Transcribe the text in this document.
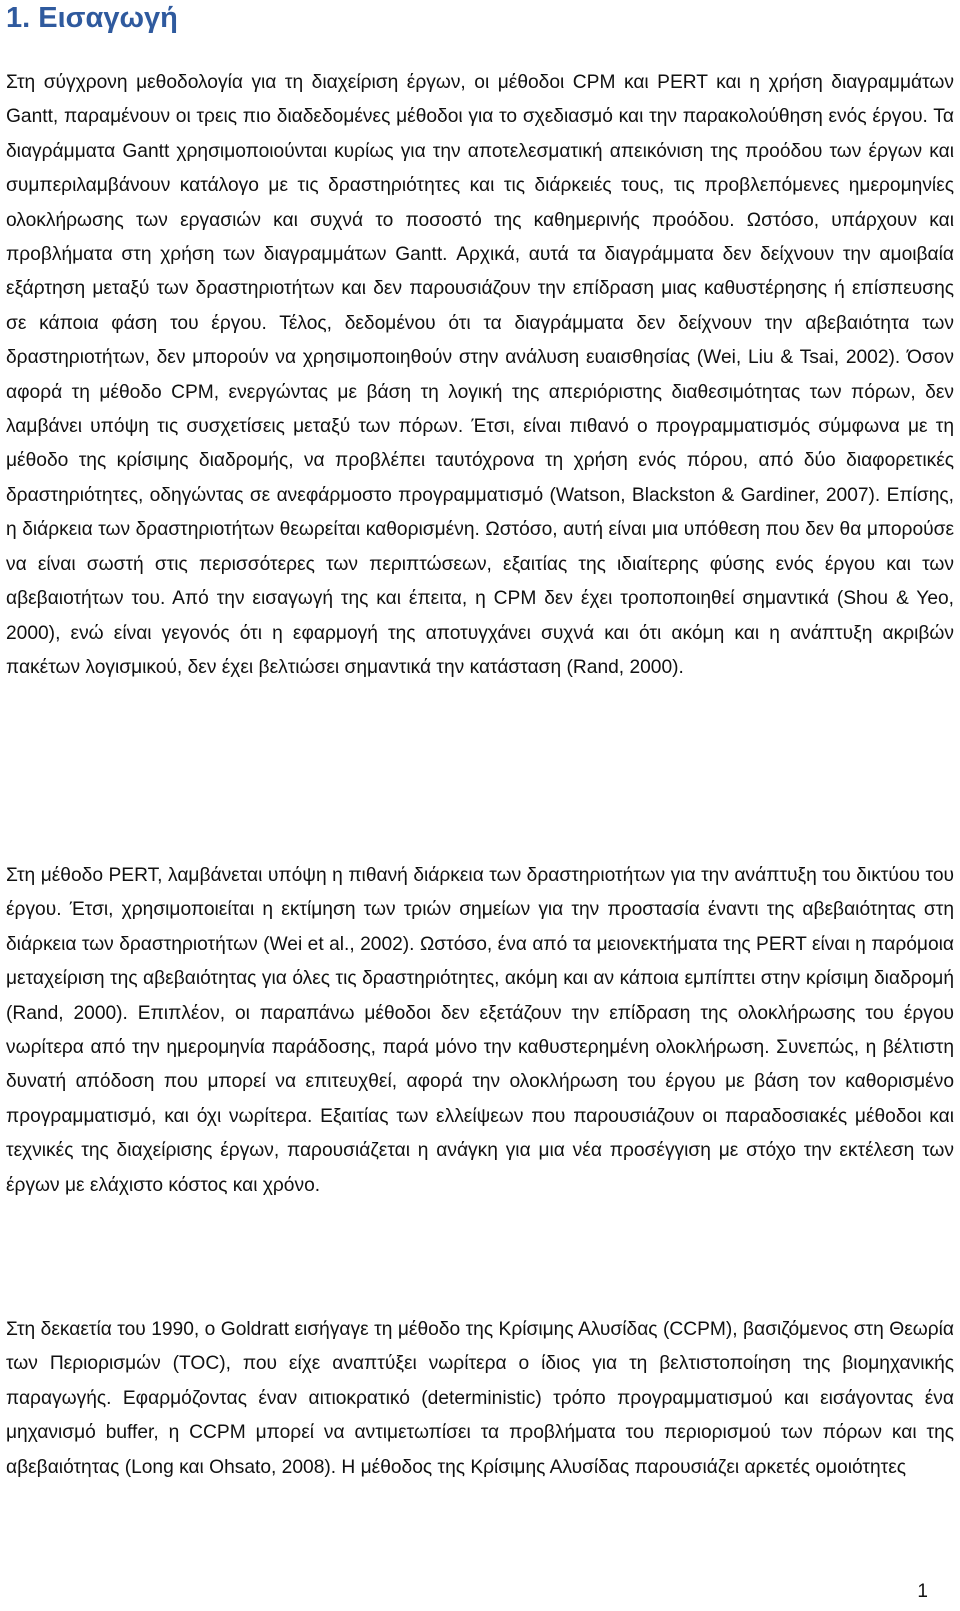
1. Εισαγωγή

Στη σύγχρονη μεθοδολογία για τη διαχείριση έργων, οι μέθοδοι CPM και PERT και η χρήση διαγραμμάτων Gantt, παραμένουν οι τρεις πιο διαδεδομένες μέθοδοι για το σχεδιασμό και την παρακολούθηση ενός έργου. Τα διαγράμματα Gantt χρησιμοποιούνται κυρίως για την αποτελεσματική απεικόνιση της προόδου των έργων και συμπεριλαμβάνουν κατάλογο με τις δραστηριότητες και τις διάρκειές τους, τις προβλεπόμενες ημερομηνίες ολοκλήρωσης των εργασιών και συχνά το ποσοστό της καθημερινής προόδου. Ωστόσο, υπάρχουν και προβλήματα στη χρήση των διαγραμμάτων Gantt. Αρχικά, αυτά τα διαγράμματα δεν δείχνουν την αμοιβαία εξάρτηση μεταξύ των δραστηριοτήτων και δεν παρουσιάζουν την επίδραση μιας καθυστέρησης ή επίσπευσης σε κάποια φάση του έργου. Τέλος, δεδομένου ότι τα διαγράμματα δεν δείχνουν την αβεβαιότητα των δραστηριοτήτων, δεν μπορούν να χρησιμοποιηθούν στην ανάλυση ευαισθησίας (Wei, Liu & Tsai, 2002). Όσον αφορά τη μέθοδο CPM, ενεργώντας με βάση τη λογική της απεριόριστης διαθεσιμότητας των πόρων, δεν λαμβάνει υπόψη τις συσχετίσεις μεταξύ των πόρων. Έτσι, είναι πιθανό ο προγραμματισμός σύμφωνα με τη μέθοδο της κρίσιμης διαδρομής, να προβλέπει ταυτόχρονα τη χρήση ενός πόρου, από δύο διαφορετικές δραστηριότητες, οδηγώντας σε ανεφάρμοστο προγραμματισμό (Watson, Blackston & Gardiner, 2007). Επίσης, η διάρκεια των δραστηριοτήτων θεωρείται καθορισμένη. Ωστόσο, αυτή είναι μια υπόθεση που δεν θα μπορούσε να είναι σωστή στις περισσότερες των περιπτώσεων, εξαιτίας της ιδιαίτερης φύσης ενός έργου και των αβεβαιοτήτων του. Από την εισαγωγή της και έπειτα, η CPM δεν έχει τροποποιηθεί σημαντικά (Shou & Yeo, 2000), ενώ είναι γεγονός ότι η εφαρμογή της αποτυγχάνει συχνά και ότι ακόμη και η ανάπτυξη ακριβών πακέτων λογισμικού, δεν έχει βελτιώσει σημαντικά την κατάσταση (Rand, 2000).

Στη μέθοδο PERT, λαμβάνεται υπόψη η πιθανή διάρκεια των δραστηριοτήτων για την ανάπτυξη του δικτύου του έργου. Έτσι, χρησιμοποιείται η εκτίμηση των τριών σημείων για την προστασία έναντι της αβεβαιότητας στη διάρκεια των δραστηριοτήτων (Wei et al., 2002). Ωστόσο, ένα από τα μειονεκτήματα της PERT είναι η παρόμοια μεταχείριση της αβεβαιότητας για όλες τις δραστηριότητες, ακόμη και αν κάποια εμπίπτει στην κρίσιμη διαδρομή (Rand, 2000). Επιπλέον, οι παραπάνω μέθοδοι δεν εξετάζουν την επίδραση της ολοκλήρωσης του έργου νωρίτερα από την ημερομηνία παράδοσης, παρά μόνο την καθυστερημένη ολοκλήρωση. Συνεπώς, η βέλτιστη δυνατή απόδοση που μπορεί να επιτευχθεί, αφορά την ολοκλήρωση του έργου με βάση τον καθορισμένο προγραμματισμό, και όχι νωρίτερα. Εξαιτίας των ελλείψεων που παρουσιάζουν οι παραδοσιακές μέθοδοι και τεχνικές της διαχείρισης έργων, παρουσιάζεται η ανάγκη για μια νέα προσέγγιση με στόχο την εκτέλεση των έργων με ελάχιστο κόστος και χρόνο.

Στη δεκαετία του 1990, ο Goldratt εισήγαγε τη μέθοδο της Κρίσιμης Αλυσίδας (CCPM), βασιζόμενος στη Θεωρία των Περιορισμών (TOC), που είχε αναπτύξει νωρίτερα ο ίδιος για τη βελτιστοποίηση της βιομηχανικής παραγωγής. Εφαρμόζοντας έναν αιτιοκρατικό (deterministic) τρόπο προγραμματισμού και εισάγοντας ένα μηχανισμό buffer, η CCPM μπορεί να αντιμετωπίσει τα προβλήματα του περιορισμού των πόρων και της αβεβαιότητας (Long και Ohsato, 2008). Η μέθοδος της Κρίσιμης Αλυσίδας παρουσιάζει αρκετές ομοιότητες

1
